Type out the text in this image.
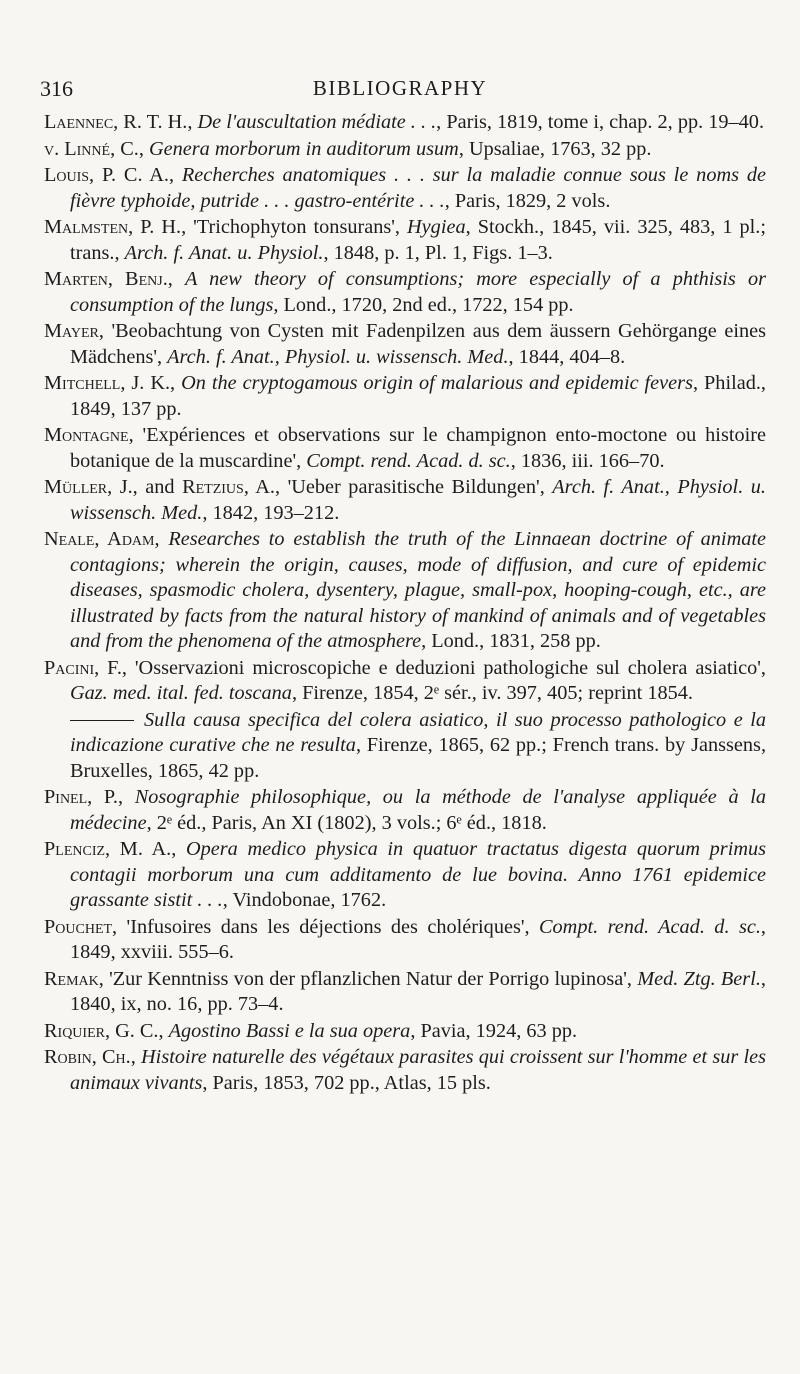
316	BIBLIOGRAPHY

Laennec, R. T. H., De l'auscultation médiate . . ., Paris, 1819, tome i, chap. 2, pp. 19–40.

v. Linné, C., Genera morborum in auditorum usum, Upsaliae, 1763, 32 pp.

Louis, P. C. A., Recherches anatomiques . . . sur la maladie connue sous le noms de fièvre typhoide, putride . . . gastro-entérite . . ., Paris, 1829, 2 vols.

Malmsten, P. H., 'Trichophyton tonsurans', Hygiea, Stockh., 1845, vii. 325, 483, 1 pl.; trans., Arch. f. Anat. u. Physiol., 1848, p. 1, Pl. 1, Figs. 1–3.

Marten, Benj., A new theory of consumptions; more especially of a phthisis or consumption of the lungs, Lond., 1720, 2nd ed., 1722, 154 pp.

Mayer, 'Beobachtung von Cysten mit Fadenpilzen aus dem äussern Gehörgange eines Mädchens', Arch. f. Anat., Physiol. u. wissensch. Med., 1844, 404–8.

Mitchell, J. K., On the cryptogamous origin of malarious and epidemic fevers, Philad., 1849, 137 pp.

Montagne, 'Expériences et observations sur le champignon ento-moctone ou histoire botanique de la muscardine', Compt. rend. Acad. d. sc., 1836, iii. 166–70.

Müller, J., and Retzius, A., 'Ueber parasitische Bildungen', Arch. f. Anat., Physiol. u. wissensch. Med., 1842, 193–212.

Neale, Adam, Researches to establish the truth of the Linnaean doctrine of animate contagions; wherein the origin, causes, mode of diffusion, and cure of epidemic diseases, spasmodic cholera, dysentery, plague, small-pox, hooping-cough, etc., are illustrated by facts from the natural history of mankind of animals and of vegetables and from the phenomena of the atmosphere, Lond., 1831, 258 pp.

Pacini, F., 'Osservazioni microscopiche e deduzioni pathologiche sul cholera asiatico', Gaz. med. ital. fed. toscana, Firenze, 1854, 2ᵉ sér., iv. 397, 405; reprint 1854.

Sulla causa specifica del colera asiatico, il suo processo pathologico e la indicazione curative che ne resulta, Firenze, 1865, 62 pp.; French trans. by Janssens, Bruxelles, 1865, 42 pp.

Pinel, P., Nosographie philosophique, ou la méthode de l'analyse appliquée à la médecine, 2ᵉ éd., Paris, An XI (1802), 3 vols.; 6ᵉ éd., 1818.

Plenciz, M. A., Opera medico physica in quatuor tractatus digesta quorum primus contagii morborum una cum additamento de lue bovina. Anno 1761 epidemice grassante sistit . . ., Vindobonae, 1762.

Pouchet, 'Infusoires dans les déjections des cholériques', Compt. rend. Acad. d. sc., 1849, xxviii. 555–6.

Remak, 'Zur Kenntniss von der pflanzlichen Natur der Porrigo lupinosa', Med. Ztg. Berl., 1840, ix, no. 16, pp. 73–4.

Riquier, G. C., Agostino Bassi e la sua opera, Pavia, 1924, 63 pp.

Robin, Ch., Histoire naturelle des végétaux parasites qui croissent sur l'homme et sur les animaux vivants, Paris, 1853, 702 pp., Atlas, 15 pls.
